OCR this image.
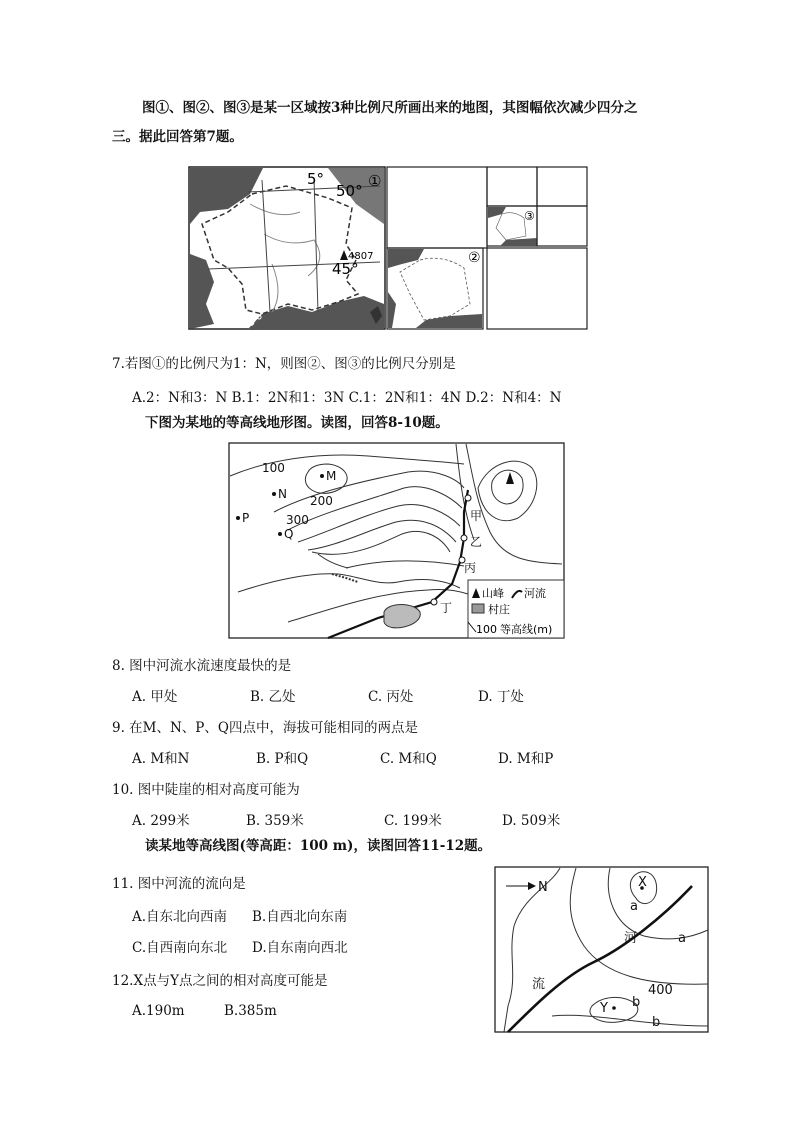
图①、图②、图③是某一区域按3种比例尺所画出来的地图，其图幅依次减少四分之
三。据此回答第7题。
5°
50°
①
4807
45°
0°
②
③
7.若图①的比例尺为1：N，则图②、图③的比例尺分别是
A.2：N和3：N B.1：2N和1：3N C.1：2N和1：4N D.2：N和4：N
下图为某地的等高线地形图。读图，回答8-10题。
100
200
300
M
N
P
Q
甲
乙
丙
丁
山峰 河流
村庄
100 等高线(m)
8. 图中河流水流速度最快的是
A. 甲处	B. 乙处	C. 丙处	D. 丁处
9. 在M、N、P、Q四点中，海拔可能相同的两点是
A. M和N	B. P和Q	C. M和Q	D. M和P
10. 图中陡崖的相对高度可能为
A. 299米	B. 359米	C. 199米	D. 509米
读某地等高线图(等高距：100 m)，读图回答11-12题。
11. 图中河流的流向是
A.自东北向西南 B.自西北向东南
C.自西南向东北 D.自东南向西北
12.X点与Y点之间的相对高度可能是
A.190m	B.385m
N	X
a
a
河
400
流
Y b
b
